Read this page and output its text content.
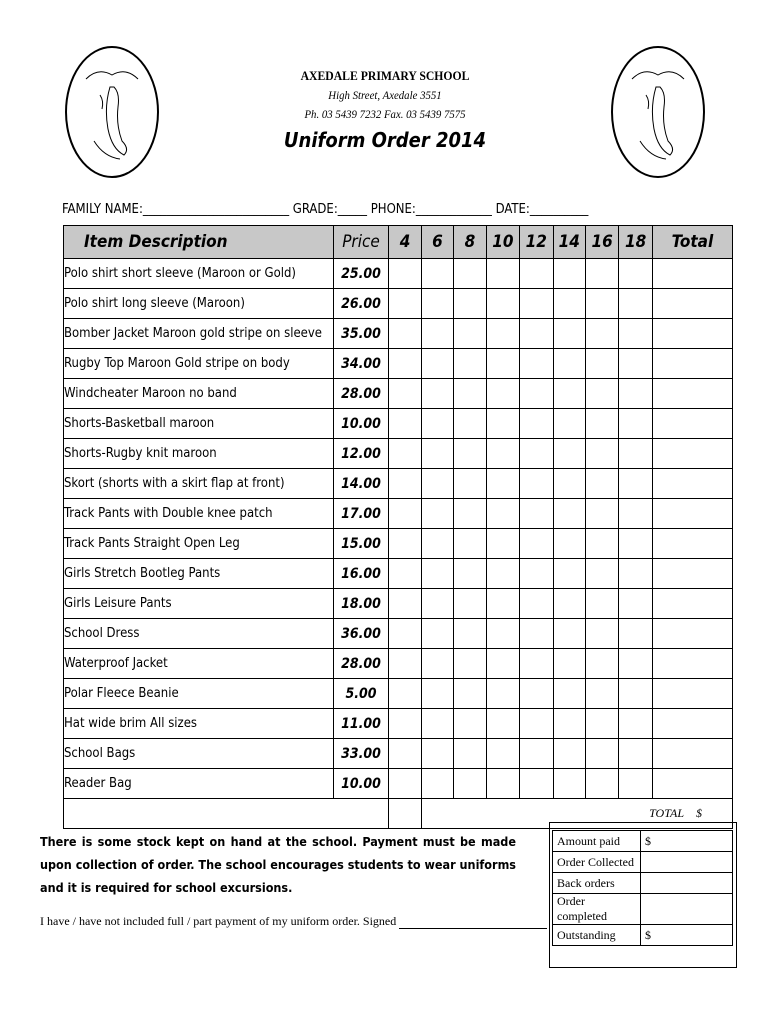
AXEDALE PRIMARY SCHOOL
High Street, Axedale 3551
Ph. 03 5439 7232 Fax. 03 5439 7575
Uniform Order 2014
FAMILY NAME:_________________________ GRADE:_____ PHONE:_____________ DATE:__________
Item Description	Price	4	6	8	10	12	14	16	18	Total
Polo shirt short sleeve (Maroon or Gold)	25.00									
Polo shirt long sleeve (Maroon)	26.00									
Bomber Jacket Maroon gold stripe on sleeve	35.00									
Rugby Top Maroon Gold stripe on body	34.00									
Windcheater Maroon no band	28.00									
Shorts-Basketball maroon	10.00									
Shorts-Rugby knit maroon	12.00									
Skort (shorts with a skirt flap at front)	14.00									
Track Pants with Double knee patch	17.00									
Track Pants Straight Open Leg	15.00									
Girls Stretch Bootleg Pants	16.00									
Girls Leisure Pants	18.00									
School Dress	36.00									
Waterproof Jacket	28.00									
Polar Fleece Beanie	5.00									
Hat wide brim All sizes	11.00									
School Bags	33.00									
Reader Bag	10.00									
			TOTAL $							
There is some stock kept on hand at the school. Payment must be made upon collection of order. The school encourages students to wear uniforms and it is required for school excursions.
I have / have not included full / part payment of my uniform order. Signed
Amount paid	$
Order Collected	
Back orders	
Order completed	
Outstanding	$
